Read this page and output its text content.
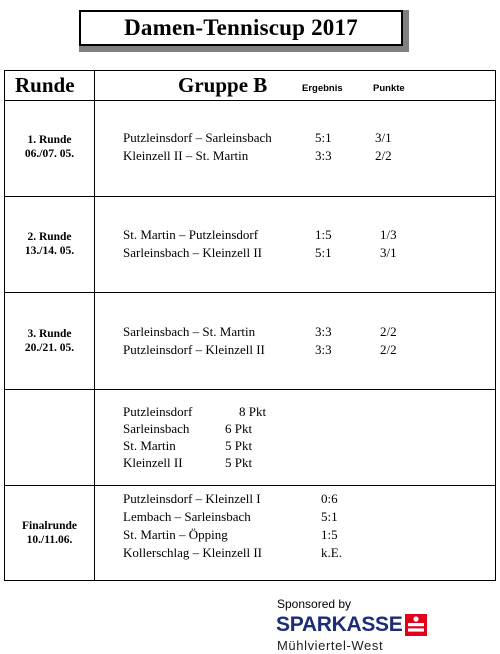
Damen-Tenniscup 2017
Runde	Gruppe B	Ergebnis	Punkte
1. Runde
06./07. 05.
Putzleinsdorf – Sarleinsbach	5:1	3/1
Kleinzell II – St. Martin	3:3	2/2
2. Runde
13./14. 05.
St. Martin – Putzleinsdorf	1:5	1/3
Sarleinsbach – Kleinzell II	5:1	3/1
3. Runde
20./21. 05.
Sarleinsbach – St. Martin	3:3	2/2
Putzleinsdorf – Kleinzell II	3:3	2/2
Putzleinsdorf	8 Pkt
Sarleinsbach	6 Pkt
St. Martin	5 Pkt
Kleinzell II	5 Pkt
Finalrunde
10./11.06.
Putzleinsdorf – Kleinzell I	0:6
Lembach – Sarleinsbach	5:1
St. Martin – Öpping	1:5
Kollerschlag – Kleinzell II	k.E.
Sponsored by
SPARKASSE
Mühlviertel-West
